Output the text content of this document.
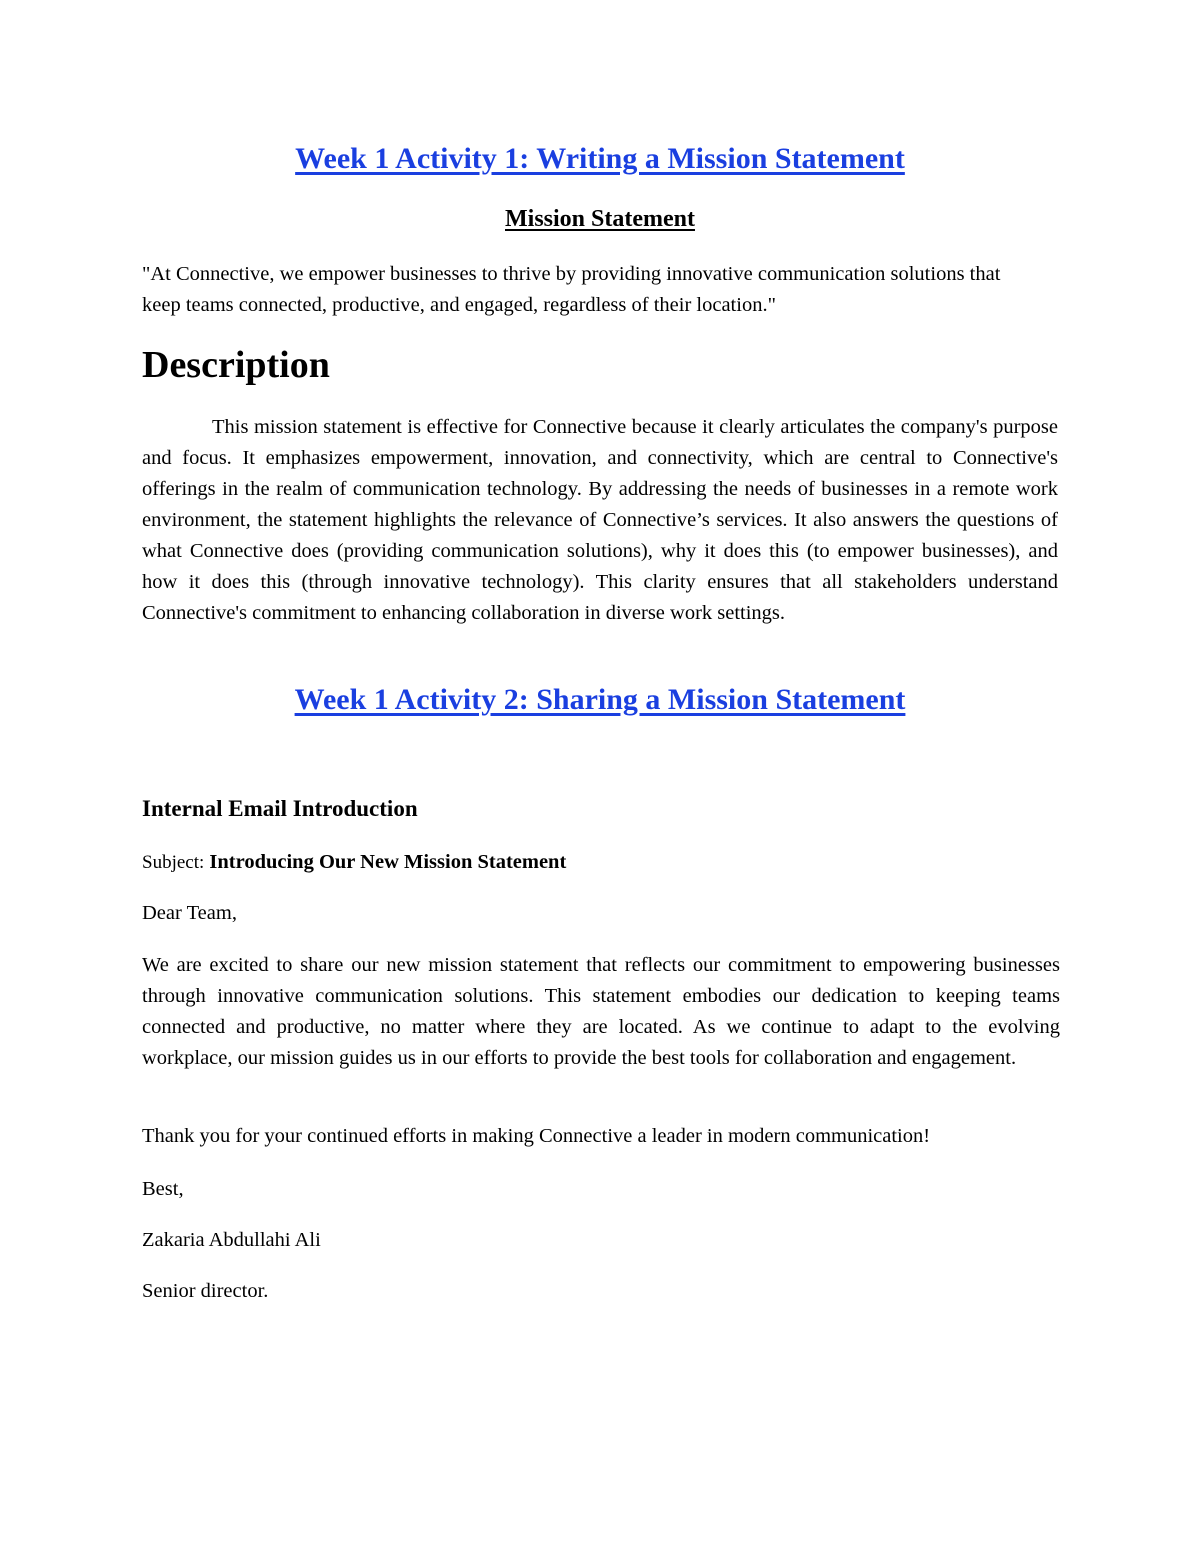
Week 1 Activity 1: Writing a Mission Statement
Mission Statement

"At Connective, we empower businesses to thrive by providing innovative communication solutions that keep teams connected, productive, and engaged, regardless of their location."

Description

This mission statement is effective for Connective because it clearly articulates the company's purpose and focus. It emphasizes empowerment, innovation, and connectivity, which are central to Connective's offerings in the realm of communication technology. By addressing the needs of businesses in a remote work environment, the statement highlights the relevance of Connective’s services. It also answers the questions of what Connective does (providing communication solutions), why it does this (to empower businesses), and how it does this (through innovative technology). This clarity ensures that all stakeholders understand Connective's commitment to enhancing collaboration in diverse work settings.

Week 1 Activity 2: Sharing a Mission Statement
Internal Email Introduction
Subject: Introducing Our New Mission Statement

Dear Team,

We are excited to share our new mission statement that reflects our commitment to empowering businesses through innovative communication solutions. This statement embodies our dedication to keeping teams connected and productive, no matter where they are located. As we continue to adapt to the evolving workplace, our mission guides us in our efforts to provide the best tools for collaboration and engagement.

Thank you for your continued efforts in making Connective a leader in modern communication!

Best,

Zakaria Abdullahi Ali

Senior director.
